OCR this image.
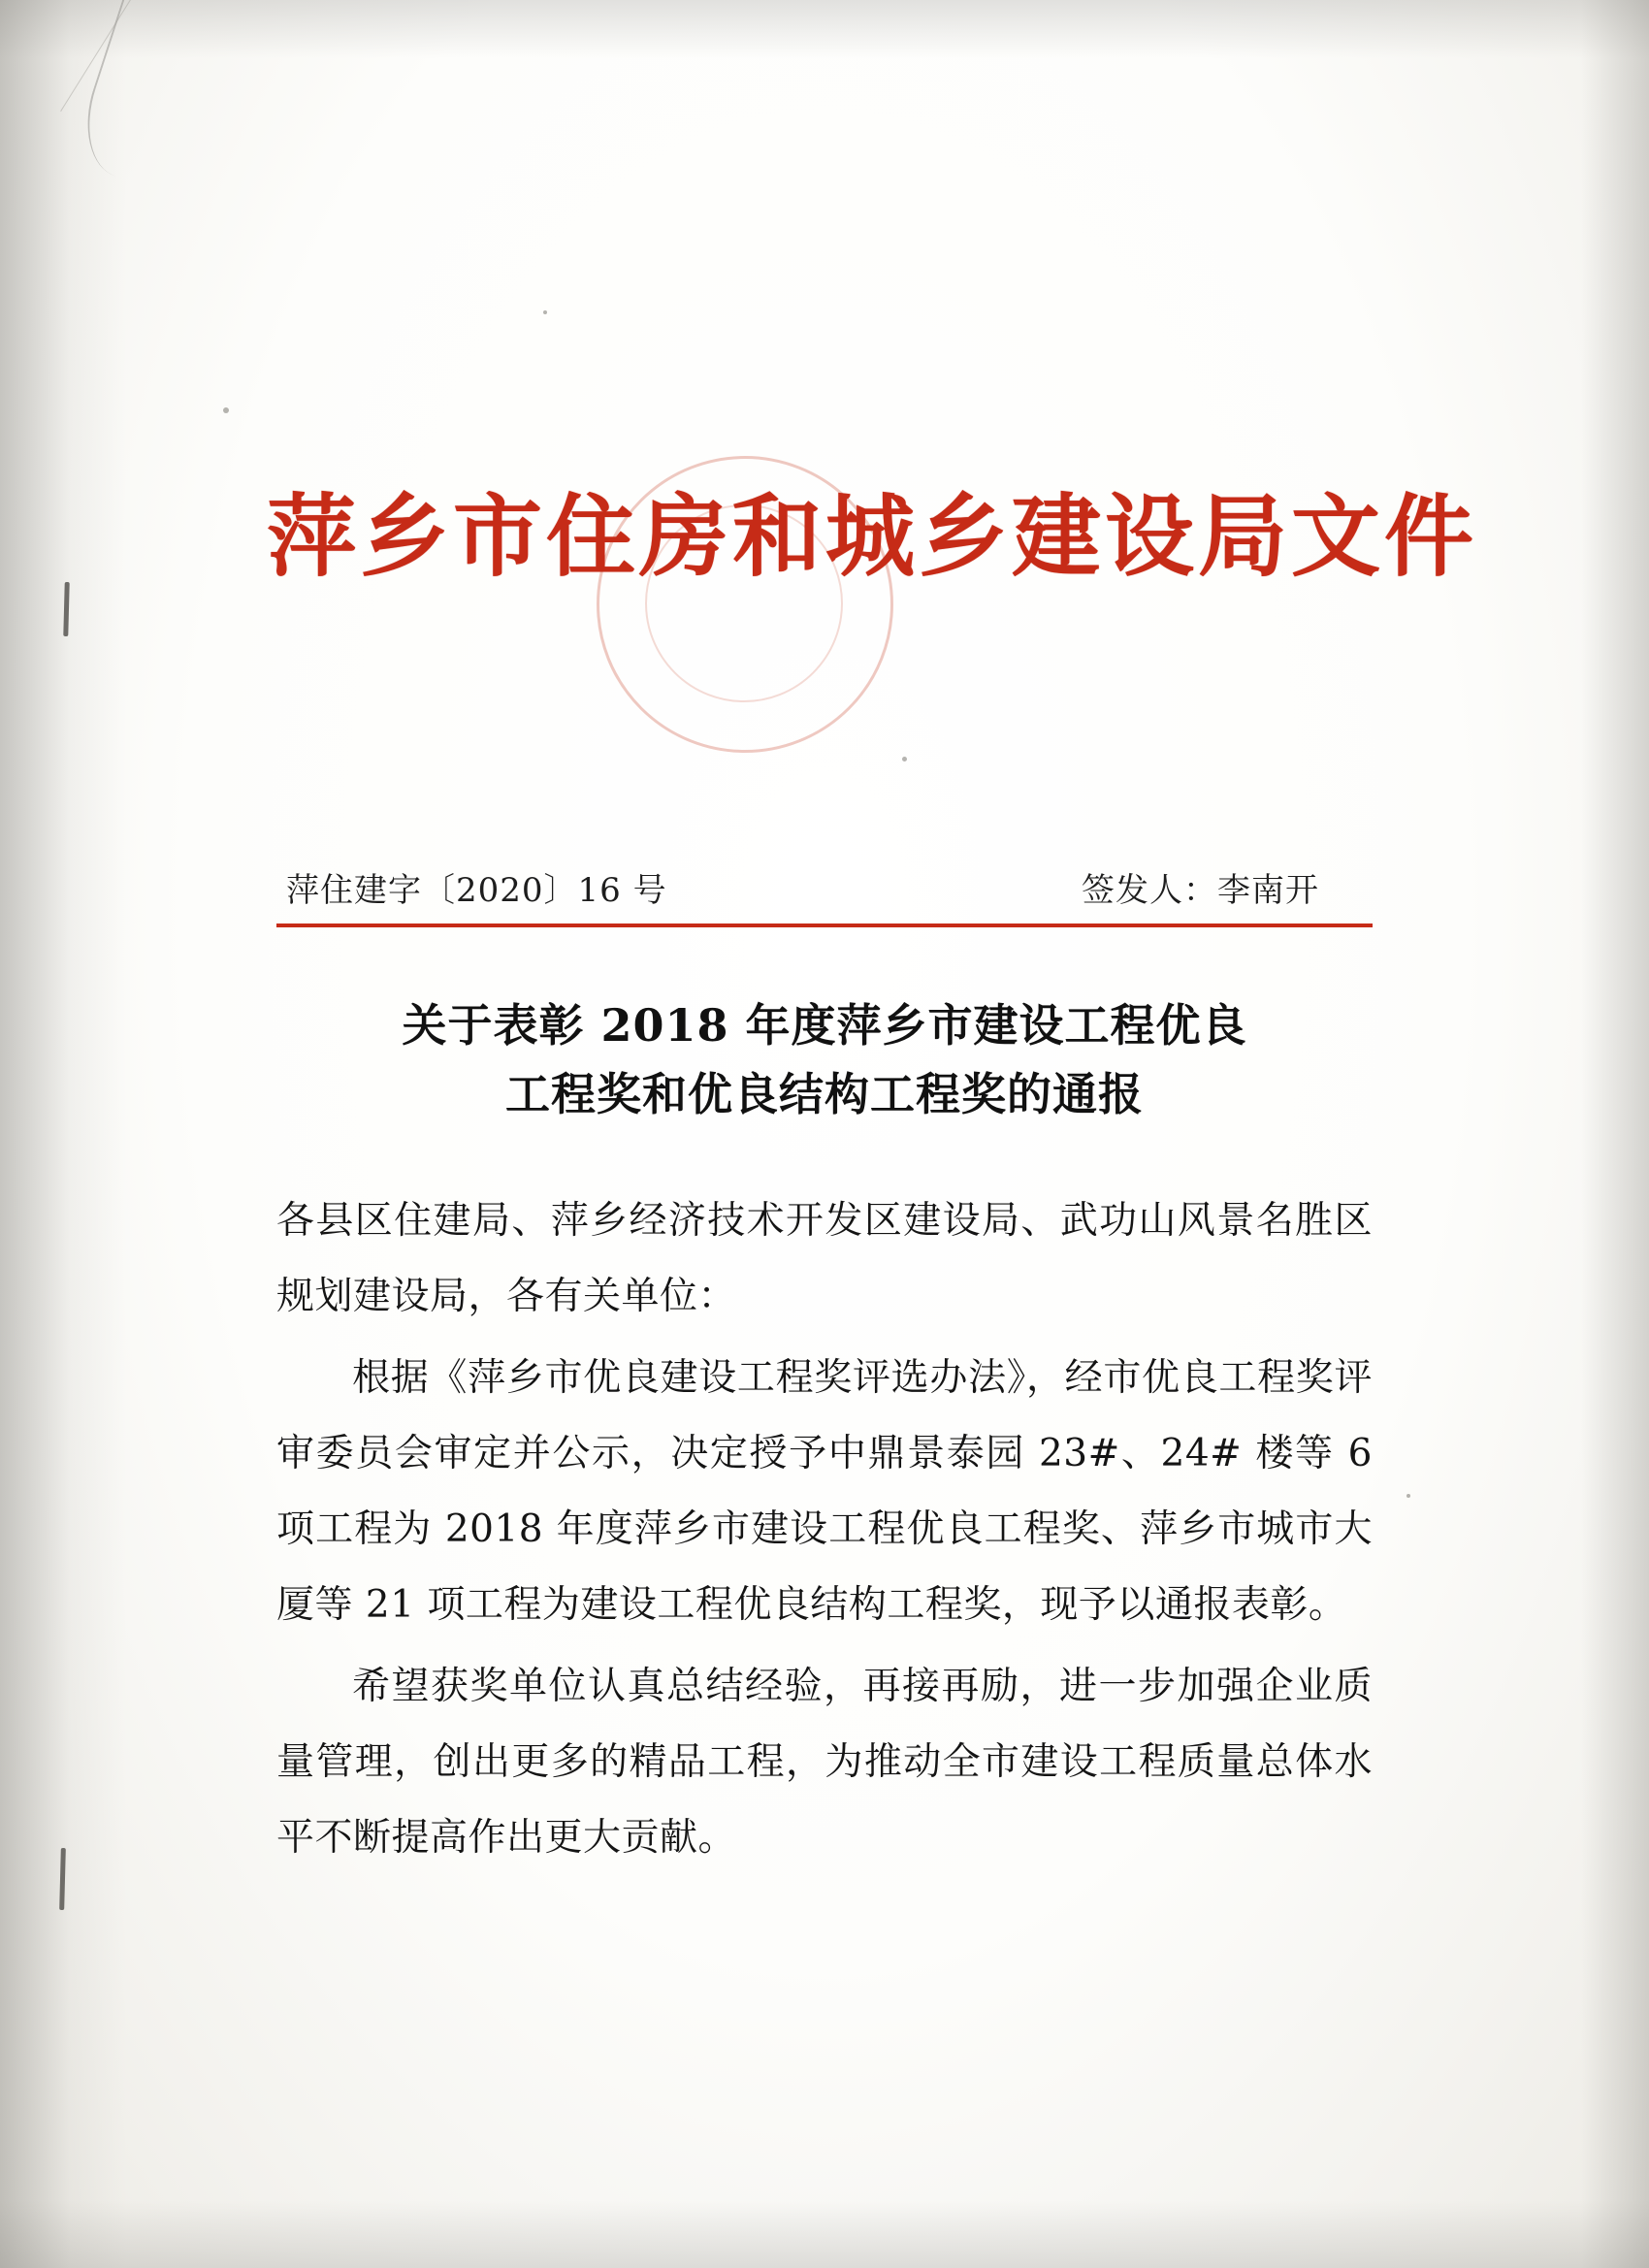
萍乡市住房和城乡建设局文件
萍住建字〔2020〕16 号	签发人：李南开
关于表彰 2018 年度萍乡市建设工程优良
工程奖和优良结构工程奖的通报

各县区住建局、萍乡经济技术开发区建设局、武功山风景名胜区规划建设局，各有关单位：

根据《萍乡市优良建设工程奖评选办法》，经市优良工程奖评审委员会审定并公示，决定授予中鼎景泰园 23#、24# 楼等 6 项工程为 2018 年度萍乡市建设工程优良工程奖、萍乡市城市大厦等 21 项工程为建设工程优良结构工程奖，现予以通报表彰。

希望获奖单位认真总结经验，再接再励，进一步加强企业质量管理，创出更多的精品工程，为推动全市建设工程质量总体水平不断提高作出更大贡献。
